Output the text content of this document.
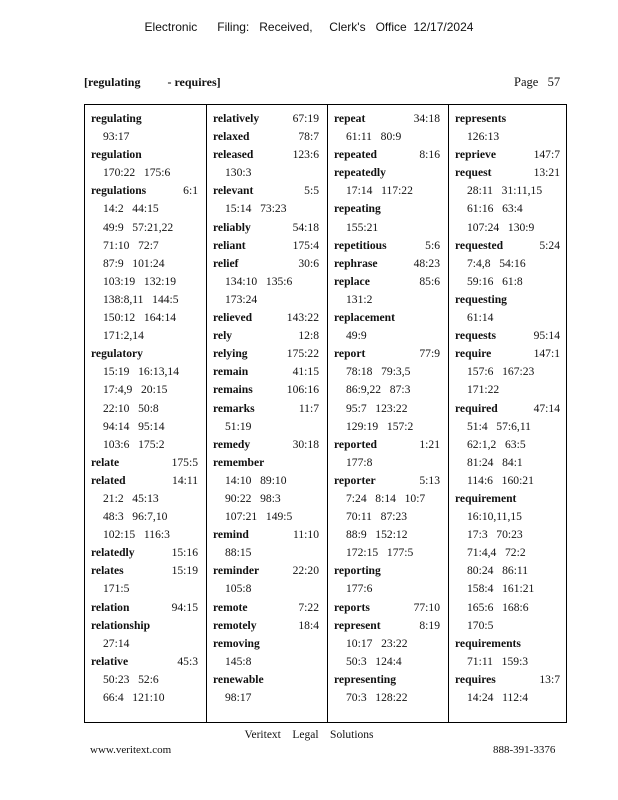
Electronic      Filing:   Received,     Clerk's   Office  12/17/2024
[regulating         - requires]	Page   57
regulating
93:17
regulation
170:22   175:6
regulations	6:1
14:2   44:15
49:9   57:21,22
71:10   72:7
87:9   101:24
103:19   132:19
138:8,11   144:5
150:12   164:14
171:2,14
regulatory
15:19   16:13,14
17:4,9   20:15
22:10   50:8
94:14   95:14
103:6   175:2
relate	175:5
related	14:11
21:2   45:13
48:3   96:7,10
102:15   116:3
relatedly	15:16
relates	15:19
171:5
relation	94:15
relationship
27:14
relative	45:3
50:23   52:6
66:4   121:10
relatively	67:19
relaxed	78:7
released	123:6
130:3
relevant	5:5
15:14   73:23
reliably	54:18
reliant	175:4
relief	30:6
134:10   135:6
173:24
relieved	143:22
rely	12:8
relying	175:22
remain	41:15
remains	106:16
remarks	11:7
51:19
remedy	30:18
remember
14:10   89:10
90:22   98:3
107:21   149:5
remind	11:10
88:15
reminder	22:20
105:8
remote	7:22
remotely	18:4
removing
145:8
renewable
98:17
repeat	34:18
61:11   80:9
repeated	8:16
repeatedly
17:14   117:22
repeating
155:21
repetitious	5:6
rephrase	48:23
replace	85:6
131:2
replacement
49:9
report	77:9
78:18   79:3,5
86:9,22   87:3
95:7   123:22
129:19   157:2
reported	1:21
177:8
reporter	5:13
7:24   8:14   10:7
70:11   87:23
88:9   152:12
172:15   177:5
reporting
177:6
reports	77:10
represent	8:19
10:17   23:22
50:3   124:4
representing
70:3   128:22
represents
126:13
reprieve	147:7
request	13:21
28:11   31:11,15
61:16   63:4
107:24   130:9
requested	5:24
7:4,8   54:16
59:16   61:8
requesting
61:14
requests	95:14
require	147:1
157:6   167:23
171:22
required	47:14
51:4   57:6,11
62:1,2   63:5
81:24   84:1
114:6   160:21
requirement
16:10,11,15
17:3   70:23
71:4,4   72:2
80:24   86:11
158:4   161:21
165:6   168:6
170:5
requirements
71:11   159:3
requires	13:7
14:24   112:4
Veritext    Legal    Solutions
www.veritext.com	888-391-3376
